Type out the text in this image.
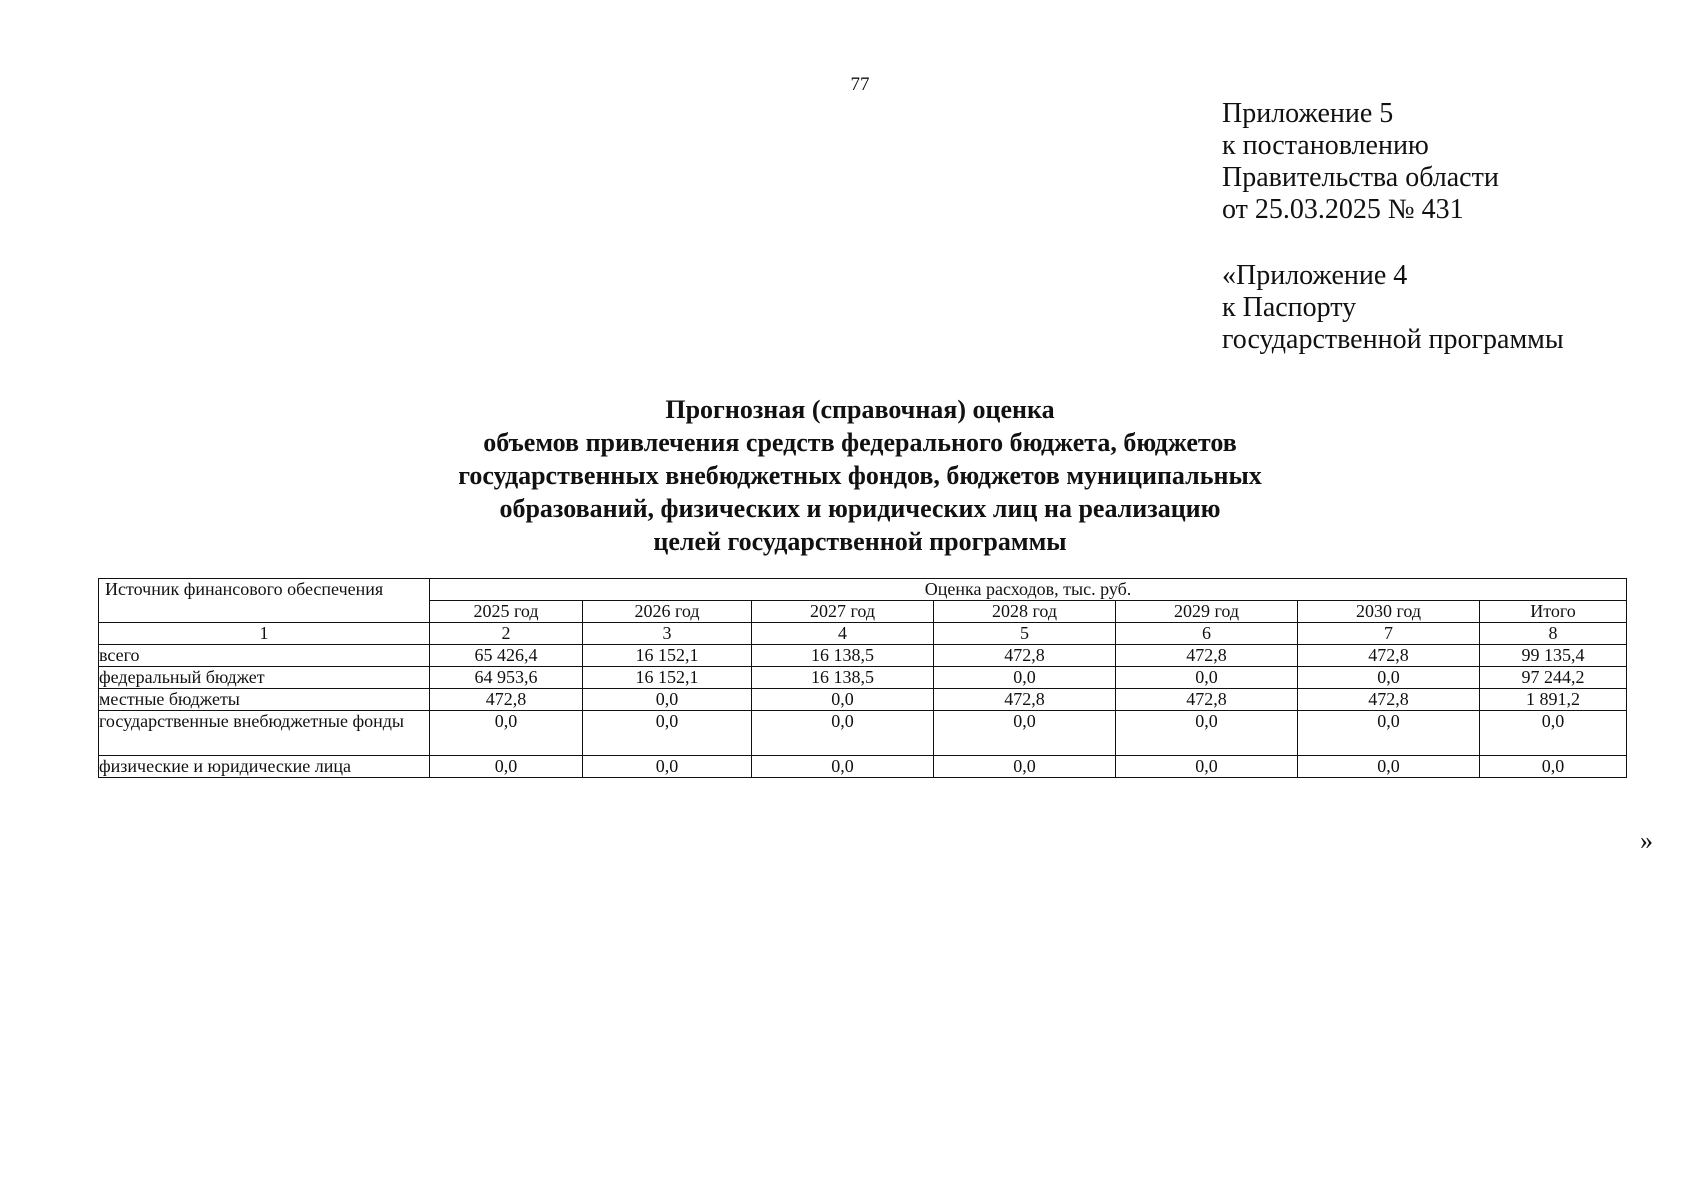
77
Приложение 5
к постановлению
Правительства области
от 25.03.2025 № 431
«Приложение 4
к Паспорту
государственной программы
Прогнозная (справочная) оценка
объемов привлечения средств федерального бюджета, бюджетов
государственных внебюджетных фондов, бюджетов муниципальных
образований, физических и юридических лиц на реализацию
целей государственной программы
Источник финансового обеспечения	Оценка расходов, тыс. руб.						
	2025 год	2026 год	2027 год	2028 год	2029 год	2030 год	Итого
1	2	3	4	5	6	7	8
всего	65 426,4	16 152,1	16 138,5	472,8	472,8	472,8	99 135,4
федеральный бюджет	64 953,6	16 152,1	16 138,5	0,0	0,0	0,0	97 244,2
местные бюджеты	472,8	0,0	0,0	472,8	472,8	472,8	1 891,2
государственные внебюджетные фонды	0,0	0,0	0,0	0,0	0,0	0,0	0,0
физические и юридические лица	0,0	0,0	0,0	0,0	0,0	0,0	0,0
»
